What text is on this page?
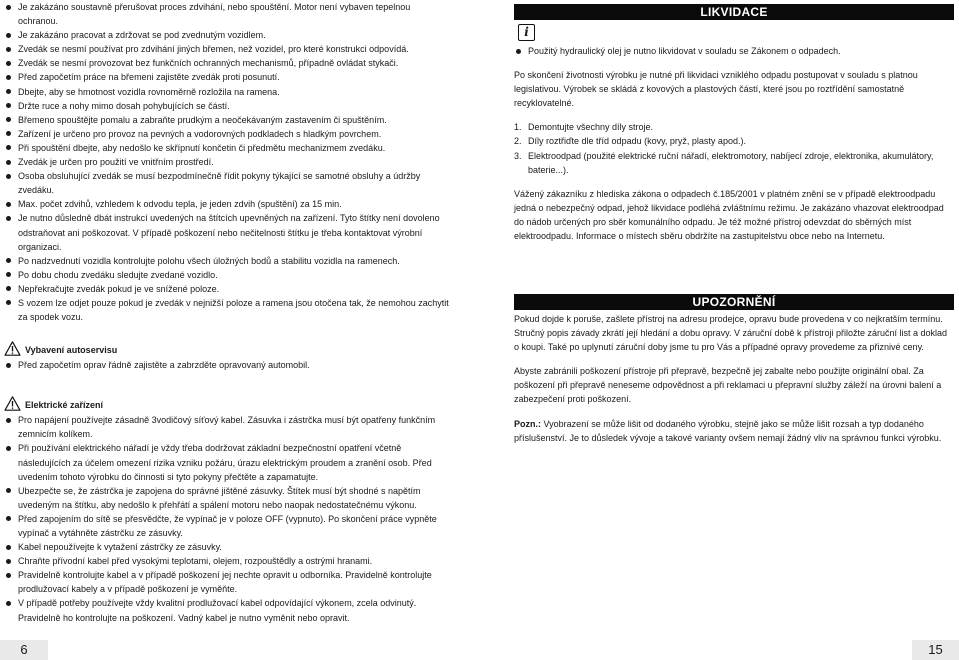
Je zakázáno soustavně přerušovat proces zdvihání, nebo spouštění. Motor není vybaven tepelnou ochranou.
Je zakázáno pracovat a zdržovat se pod zvednutým vozidlem.
Zvedák se nesmí používat pro zdvihání jiných břemen, než vozidel, pro které konstrukci odpovídá.
Zvedák se nesmí provozovat bez funkčních ochranných mechanismů, případně ovládat stykači.
Před započetím práce na břemeni zajistěte zvedák proti posunutí.
Dbejte, aby se hmotnost vozidla rovnoměrně rozložila na ramena.
Držte ruce a nohy mimo dosah pohybujících se částí.
Břemeno spouštějte pomalu a zabraňte prudkým a neočekávaným zastavením či spuštěním.
Zařízení je určeno pro provoz na pevných a vodorovných podkladech s hladkým povrchem.
Při spouštění dbejte, aby nedošlo ke skřípnutí končetin či předmětu mechanizmem zvedáku.
Zvedák je určen pro použití ve vnitřním prostředí.
Osoba obsluhující zvedák se musí bezpodmínečně řídit pokyny týkající se samotné obsluhy a údržby zvedáku.
Max. počet zdvihů, vzhledem k odvodu tepla, je jeden zdvih (spuštění) za 15 min.
Je nutno důsledně dbát instrukcí uvedených na štítcích upevněných na zařízení. Tyto štítky není dovoleno odstraňovat ani poškozovat. V případě poškození nebo nečitelnosti štítku je třeba kontaktovat výrobní organizaci.
Po nadzvednutí vozidla kontrolujte polohu všech úložných bodů a stabilitu vozidla na ramenech.
Po dobu chodu zvedáku sledujte zvedané vozidlo.
Nepřekračujte zvedák pokud je ve snížené poloze.
S vozem lze odjet pouze pokud je zvedák v nejnižší poloze a ramena jsou otočena tak, že nemohou zachytit za spodek vozu.
Vybavení autoservisu
Před započetím oprav řádně zajistěte a zabrzděte opravovaný automobil.
Elektrické zařízení
Pro napájení používejte zásadně 3vodičový síťový kabel. Zásuvka i zástrčka musí být opatřeny funkčním zemnicím kolíkem.
Při používání elektrického nářadí je vždy třeba dodržovat základní bezpečnostní opatření včetně následujících za účelem omezení rizika vzniku požáru, úrazu elektrickým proudem a zranění osob. Před uvedením tohoto výrobku do činnosti si tyto pokyny přečtěte a zapamatujte.
Ubezpečte se, že zástrčka je zapojena do správné jištěné zásuvky. Štítek musí být shodné s napětím uvedeným na štítku, aby nedošlo k přehřátí a spálení motoru nebo naopak nedostatečnému výkonu.
Před zapojením do sítě se přesvědčte, že vypínač je v poloze OFF (vypnuto). Po skončení práce vypněte vypínač a vytáhněte zástrčku ze zásuvky.
Kabel nepoužívejte k vytažení zástrčky ze zásuvky.
Chraňte přívodní kabel před vysokými teplotami, olejem, rozpouštědly a ostrými hranami.
Pravidelně kontrolujte kabel a v případě poškození jej nechte opravit u odborníka. Pravidelně kontrolujte prodlužovací kabely a v případě poškození je vyměňte.
V případě potřeby používejte vždy kvalitní prodlužovací kabel odpovídající výkonem, zcela odvinutý. Pravidelně ho kontrolujte na poškození. Vadný kabel je nutno vyměnit nebo opravit.
LIKVIDACE
i
Použitý hydraulický olej je nutno likvidovat v souladu se Zákonem o odpadech.

Po skončení životnosti výrobku je nutné při likvidaci vzniklého odpadu postupovat v souladu s platnou legislativou. Výrobek se skládá z kovových a plastových částí, které jsou po roztřídění samostatně recyklovatelné.

1. Demontujte všechny díly stroje.
2. Díly roztřiďte dle tříd odpadu (kovy, pryž, plasty apod.).
3. Elektroodpad (použité elektrické ruční nářadí, elektromotory, nabíjecí zdroje, elektronika, akumulátory, baterie...).

Vážený zákazníku z hlediska zákona o odpadech č.185/2001 v platném znění se v případě elektroodpadu jedná o nebezpečný odpad, jehož likvidace podléhá zvláštnímu režimu. Je zakázáno vhazovat elektroodpad do nádob určených pro sběr komunálního odpadu. Je též možné přístroj odevzdat do sběrných míst elektroodpadu. Informace o místech sběru obdržíte na zastupitelstvu obce nebo na Internetu.

UPOZORNĚNÍ

Pokud dojde k poruše, zašlete přístroj na adresu prodejce, opravu bude provedena v co nejkratším termínu. Stručný popis závady zkrátí její hledání a dobu opravy. V záruční době k přístroji přiložte záruční list a doklad o koupi. Také po uplynutí záruční doby jsme tu pro Vás a případné opravy provedeme za přiznivé ceny.

Abyste zabránili poškození přístroje při přepravě, bezpečně jej zabalte nebo použijte originální obal. Za poškození při přepravě neneseme odpovědnost a při reklamaci u přepravní služby záleží na úrovni balení a zabezpečení proti poškození.

Pozn.: Vyobrazení se může lišit od dodaného výrobku, stejně jako se může lišit rozsah a typ dodaného příslušenství. Je to důsledek vývoje a takové varianty ovšem nemají žádný vliv na správnou funkci výrobku.

6	15
